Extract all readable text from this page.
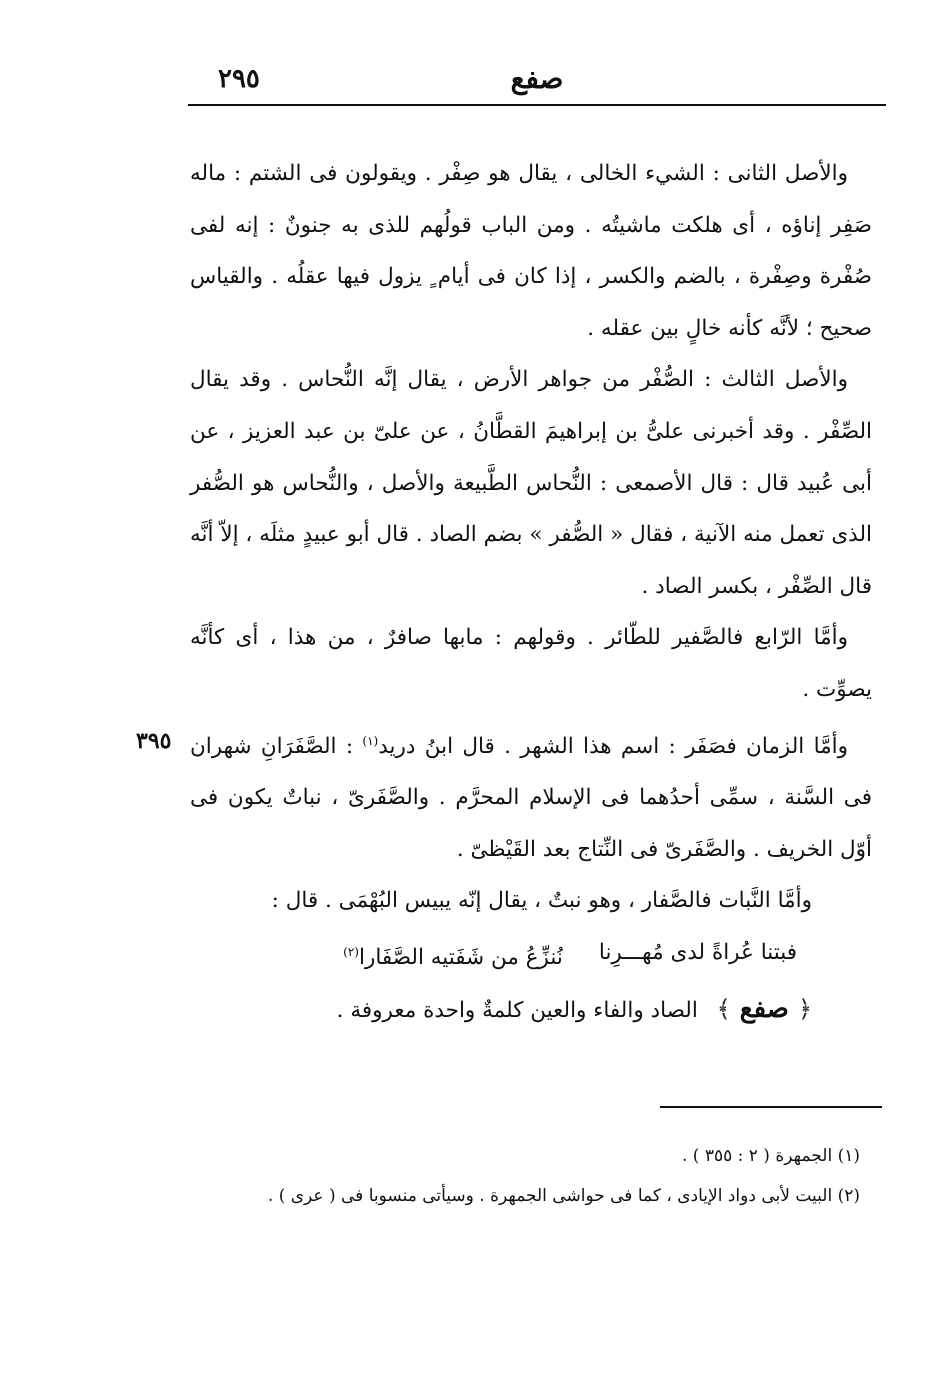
صفع
٢٩٥

والأصل الثانى : الشيء الخالى ، يقال هو صِفْر . ويقولون فى الشتم : ماله صَفِر إناؤه ، أى هلكت ماشيتُه . ومن الباب قولُهم للذى به جنونٌ : إنه لفى صُفْرة وصِفْرة ، بالضم والكسر ، إذا كان فى أيام ٍ يزول فيها عقلُه . والقياس صحيح ؛ لأنَّه كأنه خالٍ بين عقله .

والأصل الثالث : الصُّفْر من جواهر الأرض ، يقال إنَّه النُّحاس . وقد يقال الصِّفْر . وقد أخبرنى علىُّ بن إبراهيمَ القطَّانُ ، عن علىّ بن عبد العزيز ، عن أبى عُبيد قال : قال الأصمعى : النُّحاس الطَّبيعة والأصل ، والنُّحاس هو الصُّفر الذى تعمل منه الآنية ، فقال « الصُّفر » بضم الصاد . قال أبو عبيدٍ مثلَه ، إلاّ أنَّه قال الصِّفْر ، بكسر الصاد .

وأمَّا الرّابع فالصَّفير للطّائر . وقولهم : مابها صافرٌ ، من هذا ، أى كأنَّه يصوِّت .

٣٩٥	وأمَّا الزمان فصَفَر : اسم هذا الشهر . قال ابنُ دريد$^{(١)}$ : الصَّفَرَانِ شهران فى السَّنة ، سمِّى أحدُهما فى الإسلام المحرَّم . والصَّفَرىّ ، نباتٌ يكون فى أوّل الخريف . والصَّفَرىّ فى النِّتاج بعد القَيْظىّ .

وأمَّا النَّبات فالصَّفار ، وهو نبتٌ ، يقال إنّه يبيس البُهْمَى . قال :

فبتنا عُراةً لدى مُهـــرِنا
نُنزِّعُ من شَفَتيه الصَّفَارا$^{(٢)}$

﴿ صفع ﴾ الصاد والفاء والعين كلمةٌ واحدة معروفة .

(١) الجمهرة ( ٢ : ٣٥٥ ) .

(٢) البيت لأبى دواد الإيادى ، كما فى حواشى الجمهرة . وسيأتى منسوبا فى ( عرى ) .
